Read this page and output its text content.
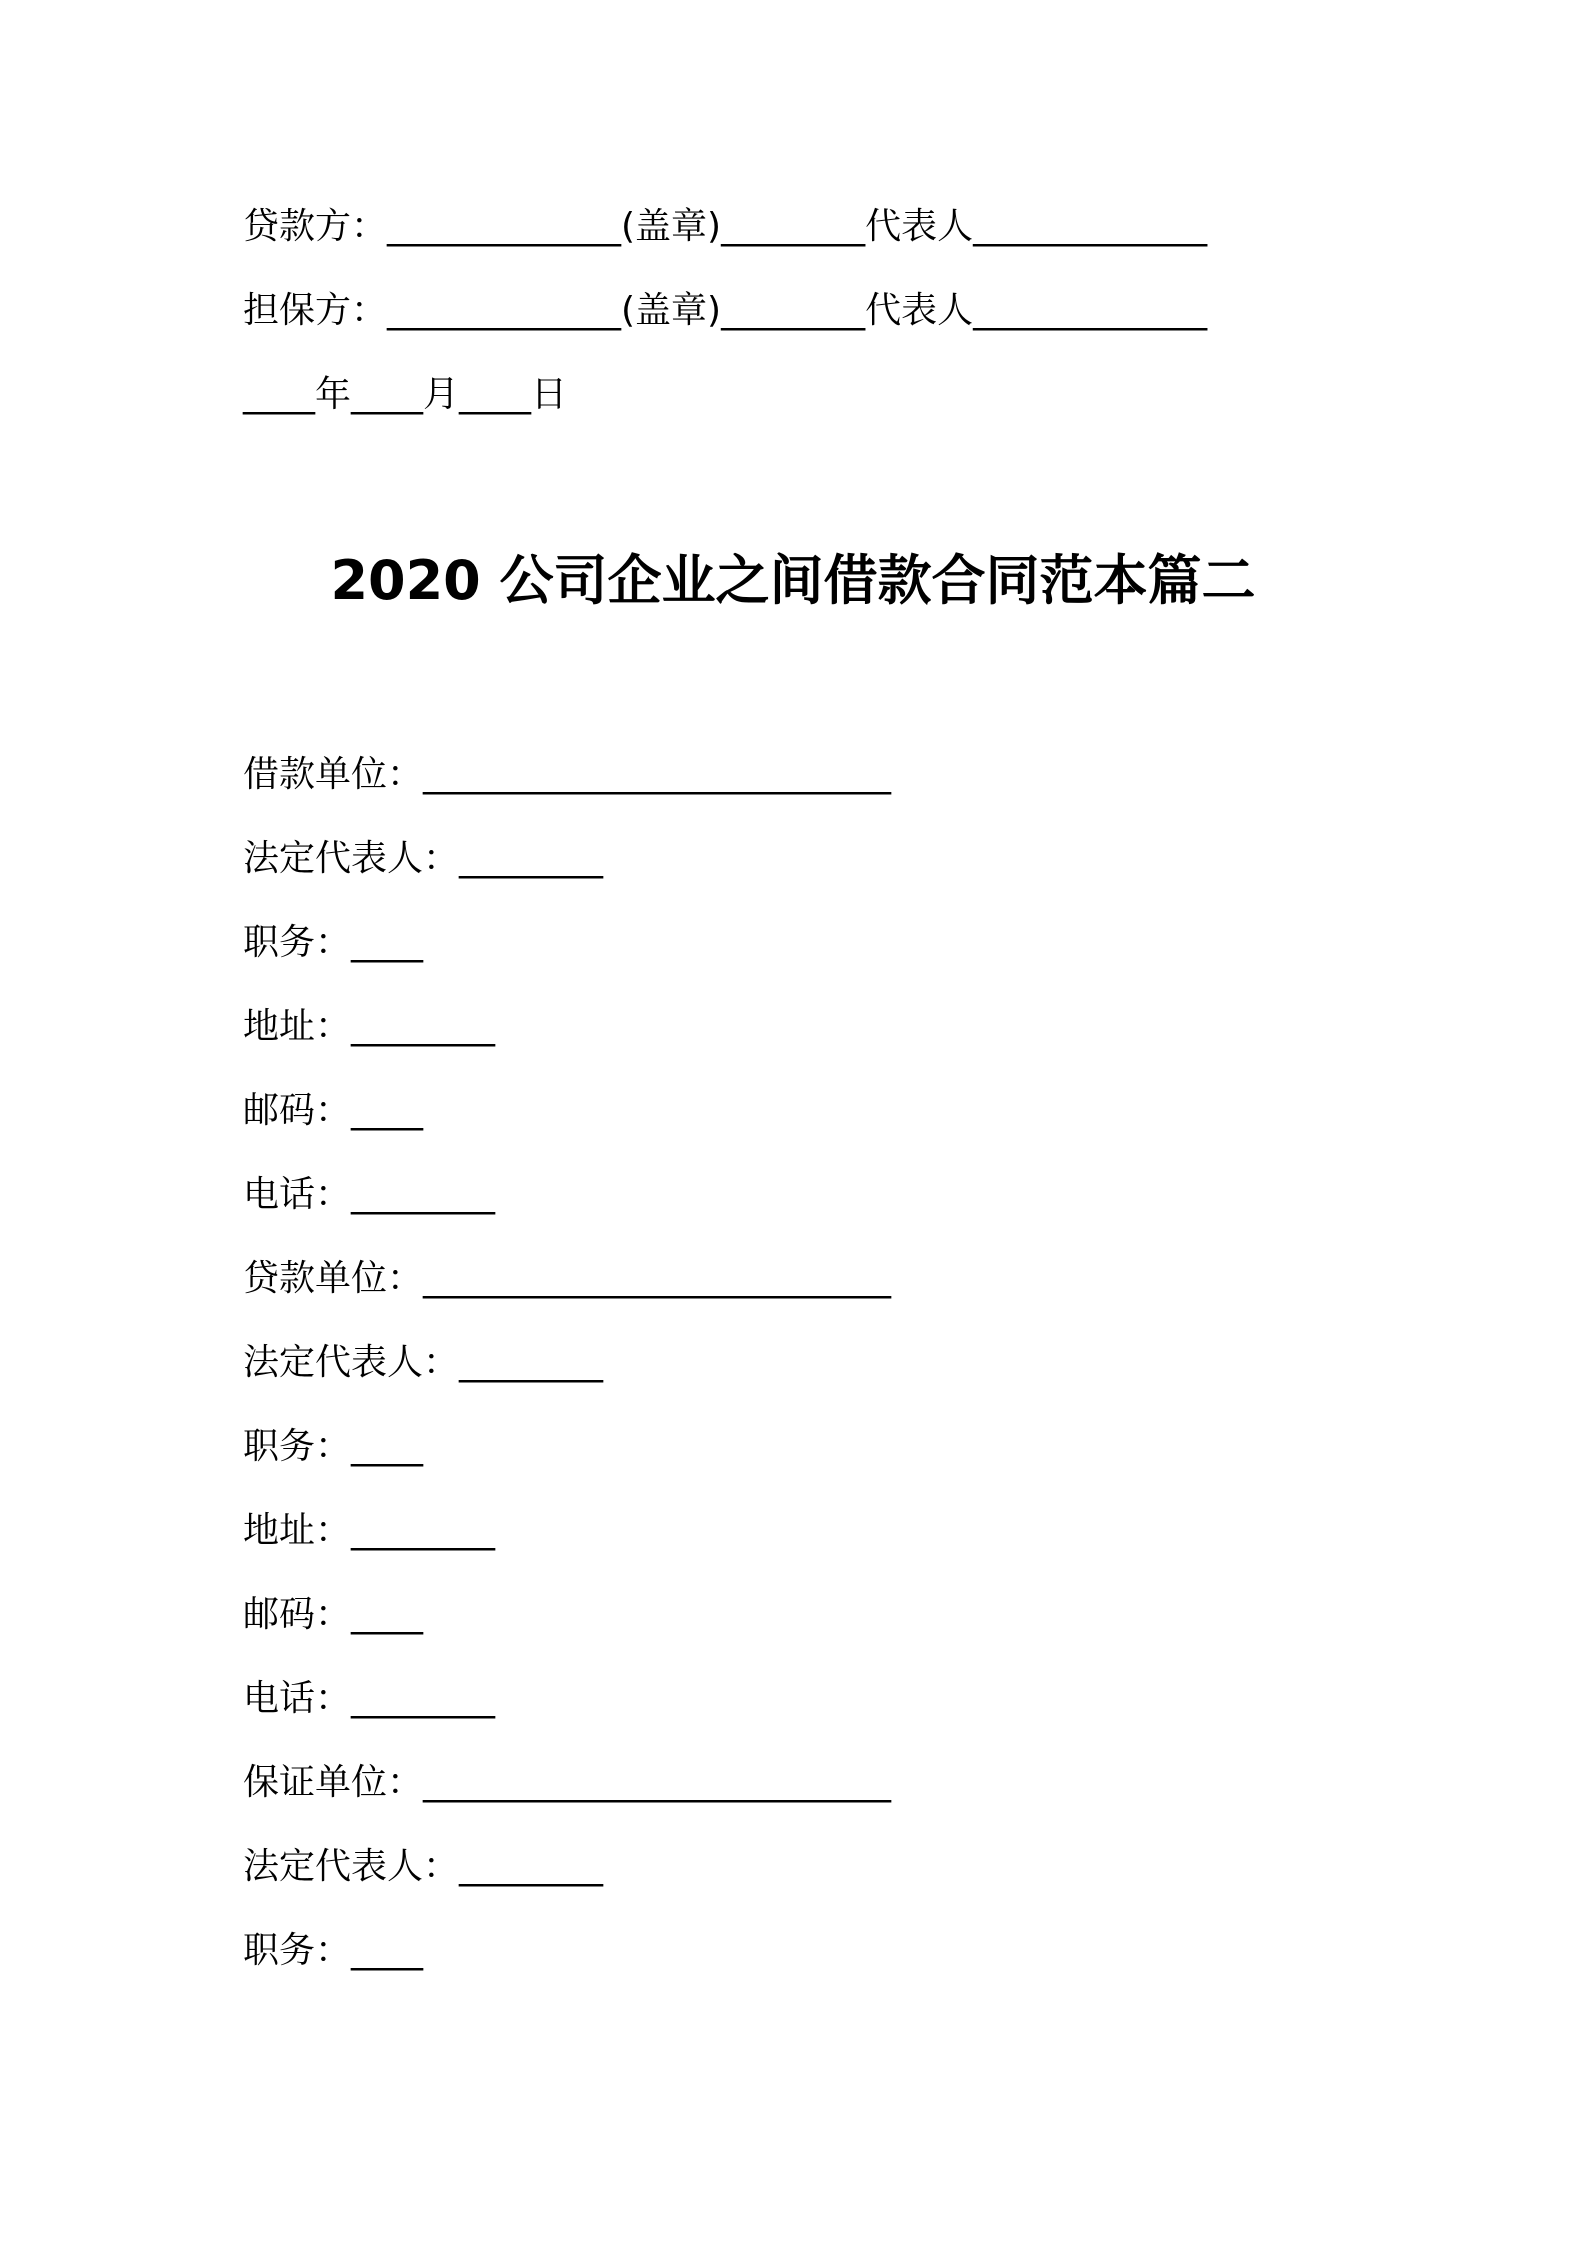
贷款方：_____________(盖章)________代表人_____________
担保方：_____________(盖章)________代表人_____________
____年____月____日
2020 公司企业之间借款合同范本篇二
借款单位：__________________________
法定代表人：________
职务：____
地址：________
邮码：____
电话：________
贷款单位：__________________________
法定代表人：________
职务：____
地址：________
邮码：____
电话：________
保证单位：__________________________
法定代表人：________
职务：____
